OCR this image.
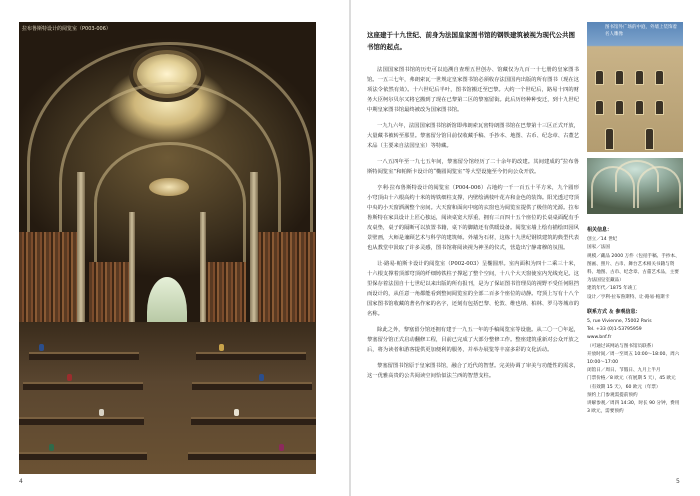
拉布鲁斯特设计的阅览室（P003-006）
4

这座建于十九世纪、前身为法国皇家图书馆的钢铁建筑被视为现代公共图书馆的起点。

法国国家图书馆的历史可以追溯自查理五世创办、馆藏仅为九百一十七册的皇家图书馆。一五三七年，弗朗索瓦一世规定皇家图书馆必须收存法国国内出版的所有图书（现在这项法令依然有效）。十六世纪后半叶，图书馆搬迁至巴黎。大约一个世纪后，路易十四的财务大臣柯尔贝尔又将它搬到了现在已黎第二区的黎塞留街。此后历经种种变迁，到十九世纪中期皇家图书馆最终被改为国家图书馆。

一九九六年，法国国家图书馆新馆即弗朗索瓦密特朗图书馆在巴黎第十三区正式开放，大量藏书被转至那里。黎塞留分馆目前仅收藏手稿、手抄本、地图、古币、纪念章、古董艺术品（主要来自法国皇室）等特藏。

一八五四年至一九七五年间，黎塞留分馆经历了二十余年的改建。其间建成的“拉布鲁斯特阅览室”和帕斯卡设计的“椭圆阅览室”等大型设施至今仍向公众开放。

亨利·拉布鲁斯特设计的阅览室（P004-006）占地约一千一百五十平方米，九个圆形小穹顶由十六根高约十米的铸铁细柱支撑，内壁绘满枝叶花卉和金色的装饰。阳光透过穹顶中央的小天窗洒满整个房间。大天窗和面向中庭的玄窗也为阅览室提供了极佳的光源。拉布鲁斯特在家具设计上匠心独运，阅读桌宽大厚重，拥有三百四十五个座位的长桌桌面配有手皮桌垫，桌子的隔断可以放置书籍，桌下的脚踏还有供暖设备。阅览室墙上绘有描绘田园风景壁画，大师是兼顾艺术与科学的建筑师。外墙为石材，这栋十九世纪钢铁建筑的典型代表也从教堂中汲取了许多灵感，图书馆将阅读视为神圣的仪式，营造出宁静肃穆的氛围。

让·路易·帕斯卡设计的阅览室（P002-003）呈椭圆形。室内面积为四十二乘三十米，十六根支撑着顶部穹顶的纤细铸铁柱子撑起了整个空间，十八个大天窗使室内光线充足。这里保存着法国自十七世纪以来出版的所有报刊，是为了保证图书管理员的视野不受任何阻挡而设计的，从任意一角都能看到整间阅览室的全部二百多个座位的动静。穹顶上写有十八个国家图书馆收藏的著名作家的名字，还刻有包括巴黎、伦敦、维也纳、柏林、罗马等城市的名称。

除此之外，黎塞留分馆还拥有建于一九五一年的手稿阅览室等设施。从二〇一〇年起，黎塞留分馆正式启动翻修工程，目前已完成了大部分整修工作。整座建筑重新对公众开放之后，将为读者和游客提供更加便利的服务，并举办展览等丰富多彩的文化活动。

黎塞留图书馆原于皇家图书馆，融合了近代的智慧。完美协调了审美与功能性的需求，这一优雅高贵的公共阅读空间恰似法兰西的智慧支柱。

图书馆外广场的中庭，外墙上装饰着名人雕像
相关信息：

创立／14 世纪

国家／法国

规模／藏品 2000 万件（包括手稿、手抄本、图画、照片、古币、舞台艺术相关书籍与资料、地图、古币、纪念章、古董艺术品，主要为法国皇室藏品）

建筑年代／1875 年竣工

设计／亨利·拉布鲁斯特、让·路易·帕斯卡

联系方式 ＆ 参观信息：

5, rue Vivienne, 75002 Paris

Tel. +33 (0)1-53795959

www.bnf.fr

（可通过该网站与图书馆员联系）

开放时间／周一至周五 10:00～18:00、周六 10:00～17:00

闭馆日／周日、节假日、九月上半月

门票价格／8 欧元（有展期 5 天），45 欧元（有效期 15 天），60 欧元（年票）

预约上门参观需提前预约

讲解参观／周四 14:30，时长 90 分钟，费用 3 欧元，需要预约

5
